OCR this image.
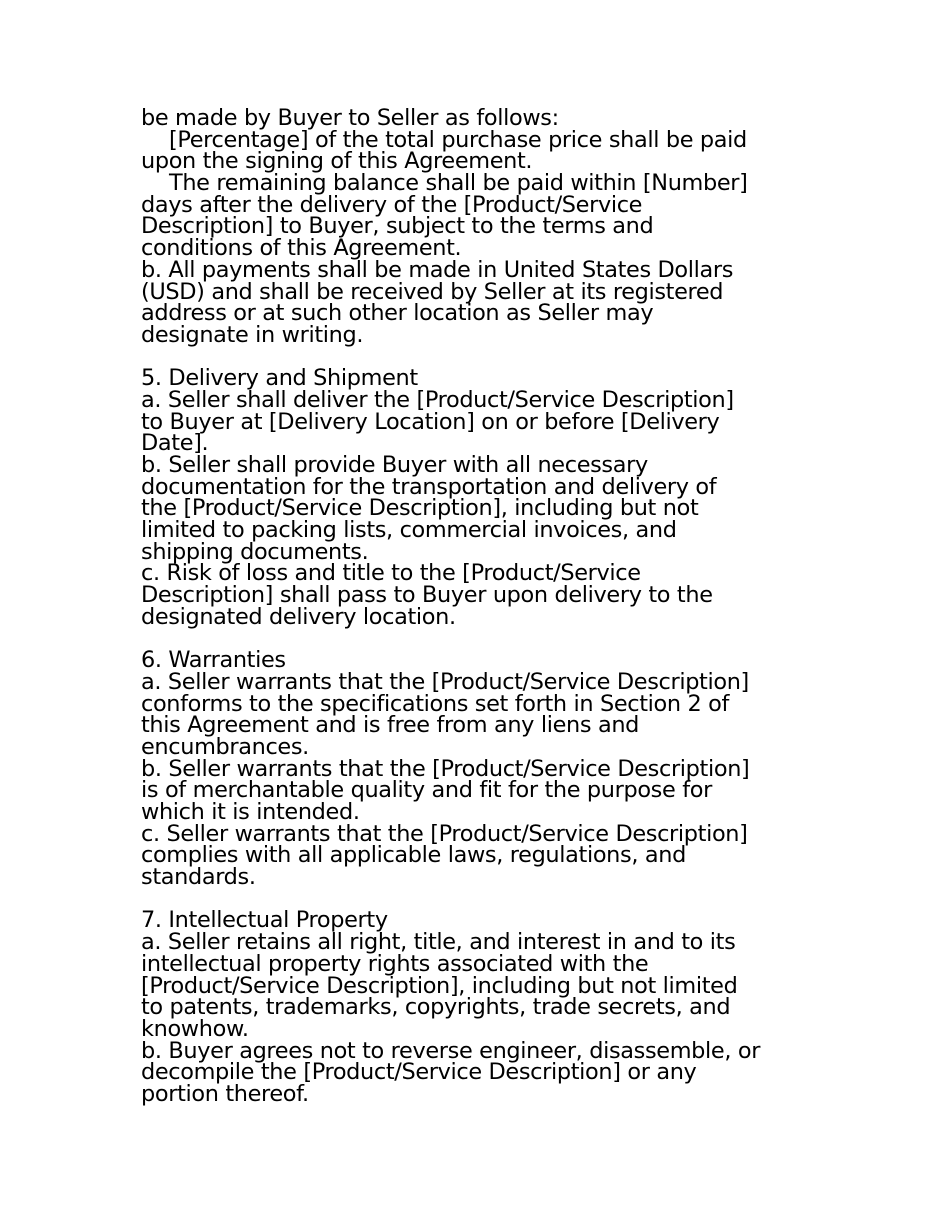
be made by Buyer to Seller as follows:
[Percentage] of the total purchase price shall be paid
upon the signing of this Agreement.
The remaining balance shall be paid within [Number]
days after the delivery of the [Product/Service
Description] to Buyer, subject to the terms and
conditions of this Agreement.
b. All payments shall be made in United States Dollars
(USD) and shall be received by Seller at its registered
address or at such other location as Seller may
designate in writing.
5. Delivery and Shipment
a. Seller shall deliver the [Product/Service Description]
to Buyer at [Delivery Location] on or before [Delivery
Date].
b. Seller shall provide Buyer with all necessary
documentation for the transportation and delivery of
the [Product/Service Description], including but not
limited to packing lists, commercial invoices, and
shipping documents.
c. Risk of loss and title to the [Product/Service
Description] shall pass to Buyer upon delivery to the
designated delivery location.
6. Warranties
a. Seller warrants that the [Product/Service Description]
conforms to the specifications set forth in Section 2 of
this Agreement and is free from any liens and
encumbrances.
b. Seller warrants that the [Product/Service Description]
is of merchantable quality and fit for the purpose for
which it is intended.
c. Seller warrants that the [Product/Service Description]
complies with all applicable laws, regulations, and
standards.
7. Intellectual Property
a. Seller retains all right, title, and interest in and to its
intellectual property rights associated with the
[Product/Service Description], including but not limited
to patents, trademarks, copyrights, trade secrets, and
knowhow.
b. Buyer agrees not to reverse engineer, disassemble, or
decompile the [Product/Service Description] or any
portion thereof.
